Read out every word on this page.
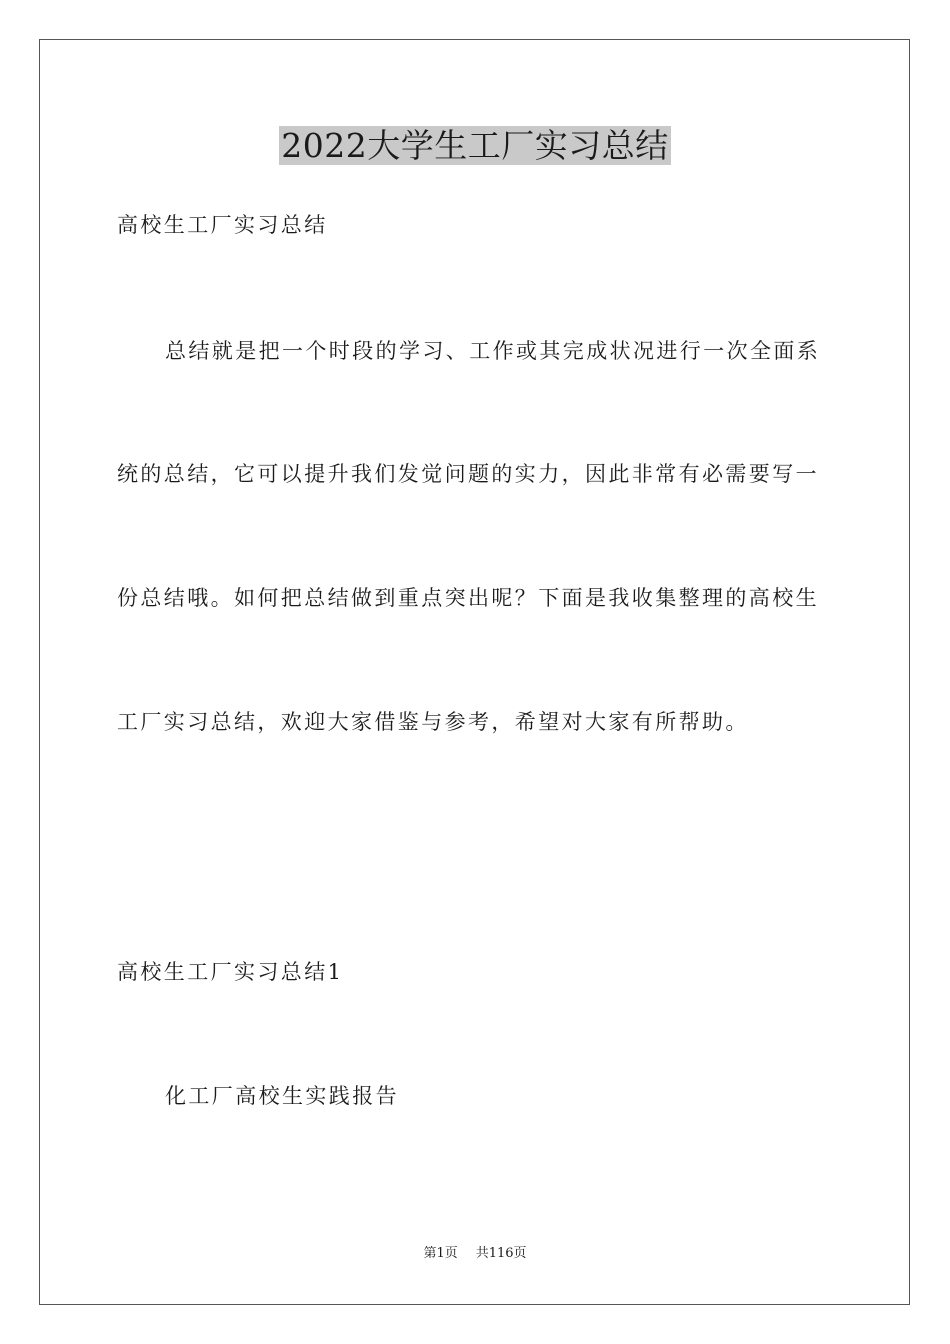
2022大学生工厂实习总结

高校生工厂实习总结

总结就是把一个时段的学习、工作或其完成状况进行一次全面系

统的总结，它可以提升我们发觉问题的实力，因此非常有必需要写一

份总结哦。如何把总结做到重点突出呢？下面是我收集整理的高校生

工厂实习总结，欢迎大家借鉴与参考，希望对大家有所帮助。

高校生工厂实习总结1

化工厂高校生实践报告

第1页 共116页
